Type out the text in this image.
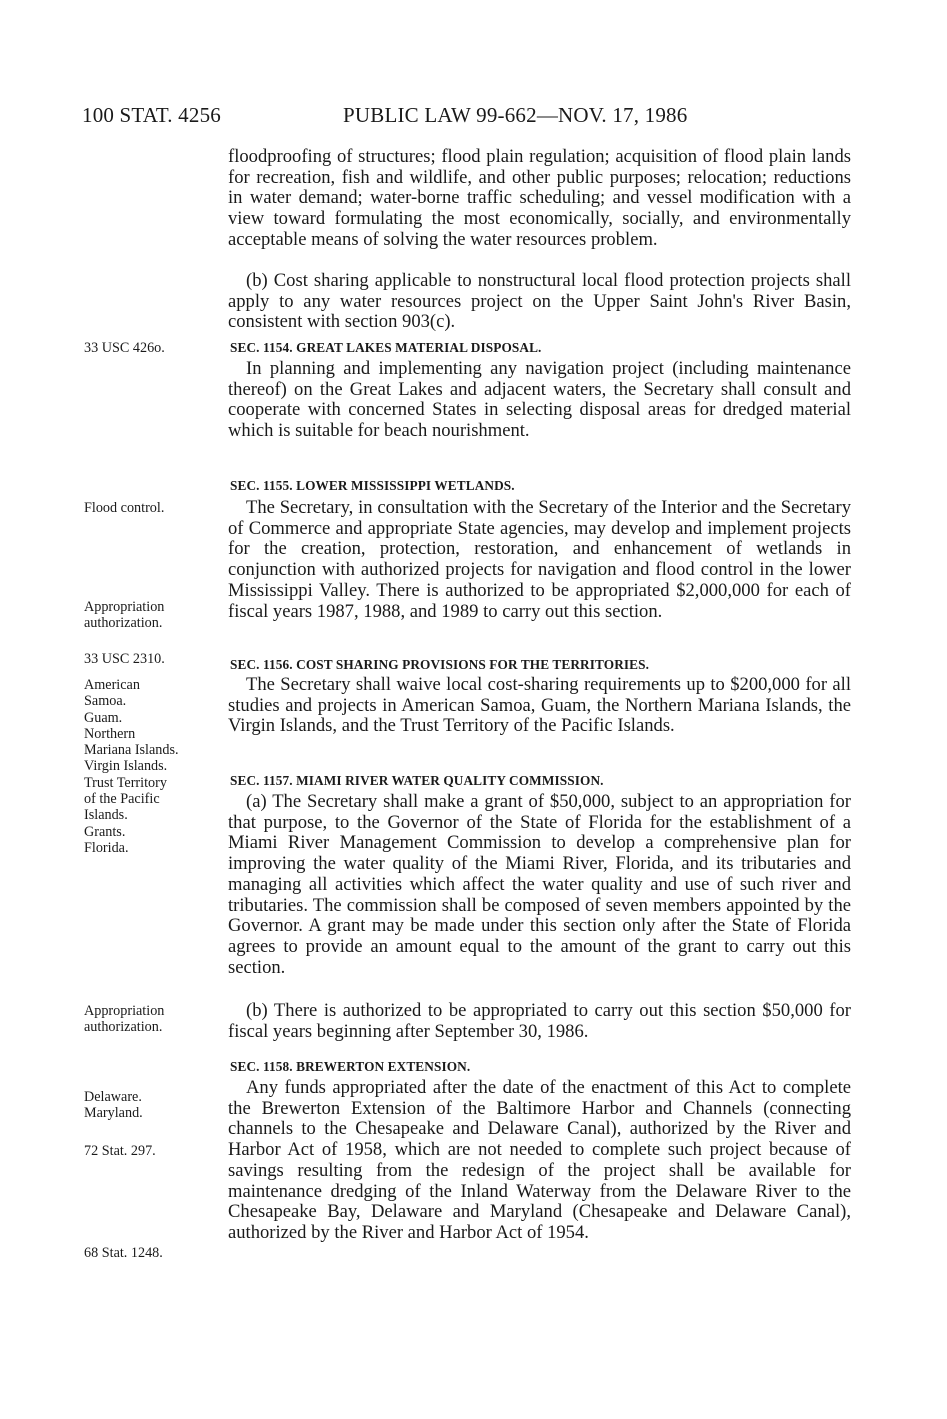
100 STAT. 4256	PUBLIC LAW 99-662—NOV. 17, 1986

floodproofing of structures; flood plain regulation; acquisition of flood plain lands for recreation, fish and wildlife, and other public purposes; relocation; reductions in water demand; water-borne traffic scheduling; and vessel modification with a view toward formulating the most economically, socially, and environmentally acceptable means of solving the water resources problem.

(b) Cost sharing applicable to nonstructural local flood protection projects shall apply to any water resources project on the Upper Saint John's River Basin, consistent with section 903(c).

SEC. 1154. GREAT LAKES MATERIAL DISPOSAL.

In planning and implementing any navigation project (including maintenance thereof) on the Great Lakes and adjacent waters, the Secretary shall consult and cooperate with concerned States in selecting disposal areas for dredged material which is suitable for beach nourishment.

SEC. 1155. LOWER MISSISSIPPI WETLANDS.

The Secretary, in consultation with the Secretary of the Interior and the Secretary of Commerce and appropriate State agencies, may develop and implement projects for the creation, protection, restoration, and enhancement of wetlands in conjunction with authorized projects for navigation and flood control in the lower Mississippi Valley. There is authorized to be appropriated $2,000,000 for each of fiscal years 1987, 1988, and 1989 to carry out this section.

SEC. 1156. COST SHARING PROVISIONS FOR THE TERRITORIES.

The Secretary shall waive local cost-sharing requirements up to $200,000 for all studies and projects in American Samoa, Guam, the Northern Mariana Islands, the Virgin Islands, and the Trust Territory of the Pacific Islands.

SEC. 1157. MIAMI RIVER WATER QUALITY COMMISSION.

(a) The Secretary shall make a grant of $50,000, subject to an appropriation for that purpose, to the Governor of the State of Florida for the establishment of a Miami River Management Commission to develop a comprehensive plan for improving the water quality of the Miami River, Florida, and its tributaries and managing all activities which affect the water quality and use of such river and tributaries. The commission shall be composed of seven members appointed by the Governor. A grant may be made under this section only after the State of Florida agrees to provide an amount equal to the amount of the grant to carry out this section.

(b) There is authorized to be appropriated to carry out this section $50,000 for fiscal years beginning after September 30, 1986.

SEC. 1158. BREWERTON EXTENSION.

Any funds appropriated after the date of the enactment of this Act to complete the Brewerton Extension of the Baltimore Harbor and Channels (connecting channels to the Chesapeake and Delaware Canal), authorized by the River and Harbor Act of 1958, which are not needed to complete such project because of savings resulting from the redesign of the project shall be available for maintenance dredging of the Inland Waterway from the Delaware River to the Chesapeake Bay, Delaware and Maryland (Chesapeake and Delaware Canal), authorized by the River and Harbor Act of 1954.

33 USC 426o.
Flood control.
Appropriation
authorization.
33 USC 2310.
American
Samoa.
Guam.
Northern
Mariana Islands.
Virgin Islands.
Trust Territory
of the Pacific
Islands.
Grants.
Florida.
Appropriation
authorization.
Delaware.
Maryland.
72 Stat. 297.
68 Stat. 1248.
